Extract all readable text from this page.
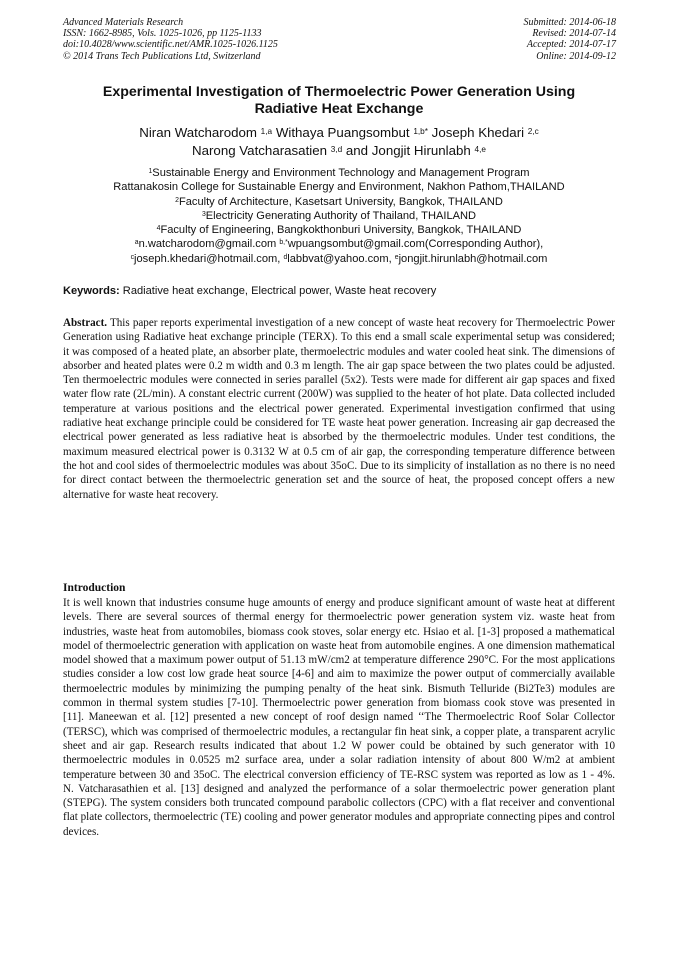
Advanced Materials Research
ISSN: 1662-8985, Vols. 1025-1026, pp 1125-1133
doi:10.4028/www.scientific.net/AMR.1025-1026.1125
© 2014 Trans Tech Publications Ltd, Switzerland
Submitted: 2014-06-18
Revised: 2014-07-14
Accepted: 2014-07-17
Online: 2014-09-12
Experimental Investigation of Thermoelectric Power Generation Using
Radiative Heat Exchange
Niran Watcharodom $^{1,a}$ Withaya Puangsombut $^{1,b*}$ Joseph Khedari $^{2,c}$
Narong Vatcharasatien $^{3,d}$ and Jongjit Hirunlabh $^{4,e}$
$^1$Sustainable Energy and Environment Technology and Management Program
Rattanakosin College for Sustainable Energy and Environment, Nakhon Pathom,THAILAND
$^2$Faculty of Architecture, Kasetsart University, Bangkok, THAILAND
$^3$Electricity Generating Authority of Thailand, THAILAND
$^4$Faculty of Engineering, Bangkokthonburi University, Bangkok, THAILAND
$^a$n.watcharodom@gmail.com $^{b,*}$wpuangsombut@gmail.com(Corresponding Author),
$^c$joseph.khedari@hotmail.com, $^d$labbvat@yahoo.com, $^e$jongjit.hirunlabh@hotmail.com
Keywords: Radiative heat exchange, Electrical power, Waste heat recovery
Abstract. This paper reports experimental investigation of a new concept of waste heat recovery for Thermoelectric Power Generation using Radiative heat exchange principle (TERX). To this end a small scale experimental setup was considered; it was composed of a heated plate, an absorber plate, thermoelectric modules and water cooled heat sink. The dimensions of absorber and heated plates were 0.2 m width and 0.3 m length. The air gap space between the two plates could be adjusted. Ten thermoelectric modules were connected in series parallel (5x2). Tests were made for different air gap spaces and fixed water flow rate (2L/min). A constant electric current (200W) was supplied to the heater of hot plate. Data collected included temperature at various positions and the electrical power generated. Experimental investigation confirmed that using radiative heat exchange principle could be considered for TE waste heat power generation. Increasing air gap decreased the electrical power generated as less radiative heat is absorbed by the thermoelectric modules. Under test conditions, the maximum measured electrical power is 0.3132 W at 0.5 cm of air gap, the corresponding temperature difference between the hot and cool sides of thermoelectric modules was about 35oC. Due to its simplicity of installation as no there is no need for direct contact between the thermoelectric generation set and the source of heat, the proposed concept offers a new alternative for waste heat recovery.
Introduction

It is well known that industries consume huge amounts of energy and produce significant amount of waste heat at different levels. There are several sources of thermal energy for thermoelectric power generation system viz. waste heat from industries, waste heat from automobiles, biomass cook stoves, solar energy etc. Hsiao et al. [1-3] proposed a mathematical model of thermoelectric generation with application on waste heat from automobile engines. A one dimension mathematical model showed that a maximum power output of 51.13 mW/cm2 at temperature difference 290°C. For the most applications studies consider a low cost low grade heat source [4-6] and aim to maximize the power output of commercially available thermoelectric modules by minimizing the pumping penalty of the heat sink. Bismuth Telluride (Bi2Te3) modules are common in thermal system studies [7-10]. Thermoelectric power generation from biomass cook stove was presented in [11]. Maneewan et al. [12] presented a new concept of roof design named ‘‘The Thermoelectric Roof Solar Collector (TERSC), which was comprised of thermoelectric modules, a rectangular fin heat sink, a copper plate, a transparent acrylic sheet and air gap. Research results indicated that about 1.2 W power could be obtained by such generator with 10 thermoelectric modules in 0.0525 m2 surface area, under a solar radiation intensity of about 800 W/m2 at ambient temperature between 30 and 35oC. The electrical conversion efficiency of TE-RSC system was reported as low as 1 - 4%. N. Vatcharasathien et al. [13] designed and analyzed the performance of a solar thermoelectric power generation plant (STEPG). The system considers both truncated compound parabolic collectors (CPC) with a flat receiver and conventional flat plate collectors, thermoelectric (TE) cooling and power generator modules and appropriate connecting pipes and control devices.
